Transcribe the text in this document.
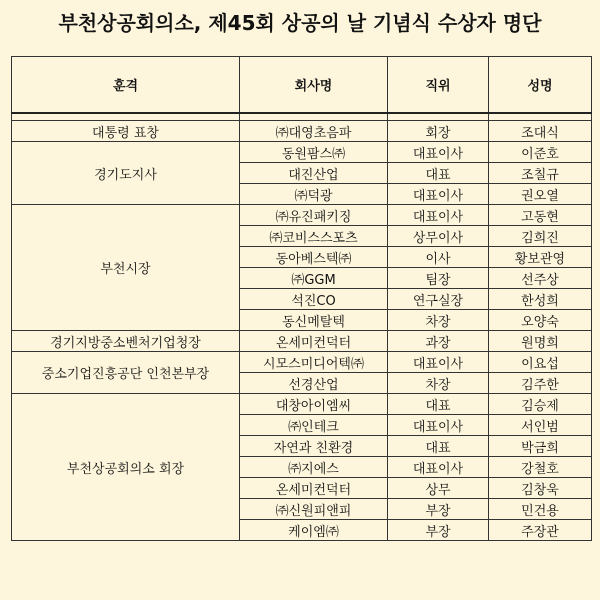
부천상공회의소, 제45회 상공의 날 기념식 수상자 명단
훈격	회사명	직위	성명

대통령 표창	㈜대영초음파	회장	조대식
경기도지사	동원팜스㈜	대표이사	이준호
	대진산업	대표	조칠규
	㈜덕광	대표이사	권오열
부천시장	㈜유진패키징	대표이사	고동현
	㈜코비스스포츠	상무이사	김희진
	동아베스텍㈜	이사	황보관영
	㈜GGM	팀장	선주상
	석진CO	연구실장	한성희
	동신메탈텍	차장	오양숙
경기지방중소벤처기업청장	온세미컨덕터	과장	원명희
중소기업진흥공단 인천본부장	시모스미디어텍㈜	대표이사	이요섭
	선경산업	차장	김주한
부천상공회의소 회장	대창아이엠씨	대표	김승제
	㈜인테크	대표이사	서인범
	자연과 친환경	대표	박금희
	㈜지에스	대표이사	강철호
	온세미컨덕터	상무	김창욱
	㈜신원피앤피	부장	민건용
	케이엠㈜	부장	주장관
